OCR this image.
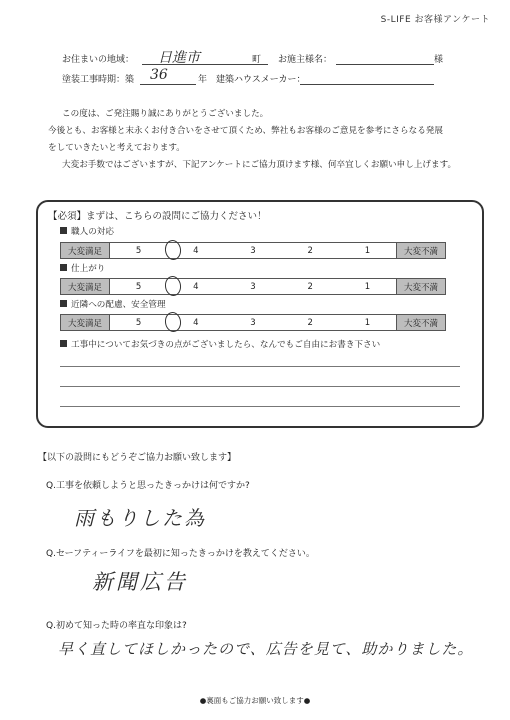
S-LIFE お客様アンケート
お住まいの地域： 日進市	町 お施主様名：	様
塗装工事時期：築 36	年 建築ハウスメーカー：

この度は、ご発注賜り誠にありがとうございました。

今後とも、お客様と末永くお付き合いをさせて頂くため、弊社もお客様のご意見を参考にさらなる発展

をしていきたいと考えております。

大変お手数ではございますが、下記アンケートにご協力頂けます様、何卒宜しくお願い申し上げます。

【必須】まずは、こちらの設問にご協力ください！
職人の対応
大変満足	5	4	3	2	1	大変不満
仕上がり
大変満足	5	4	3	2	1	大変不満
近隣への配慮、安全管理
大変満足	5	4	3	2	1	大変不満
工事中についてお気づきの点がございましたら、なんでもご自由にお書き下さい
【以下の設問にもどうぞご協力お願い致します】
Q.工事を依頼しようと思ったきっかけは何ですか?
雨もりした為
Q.セーフティーライフを最初に知ったきっかけを教えてください。
新聞広告
Q.初めて知った時の率直な印象は?
早く直してほしかったので、広告を見て、助かりました。
●裏面もご協力お願い致します●
